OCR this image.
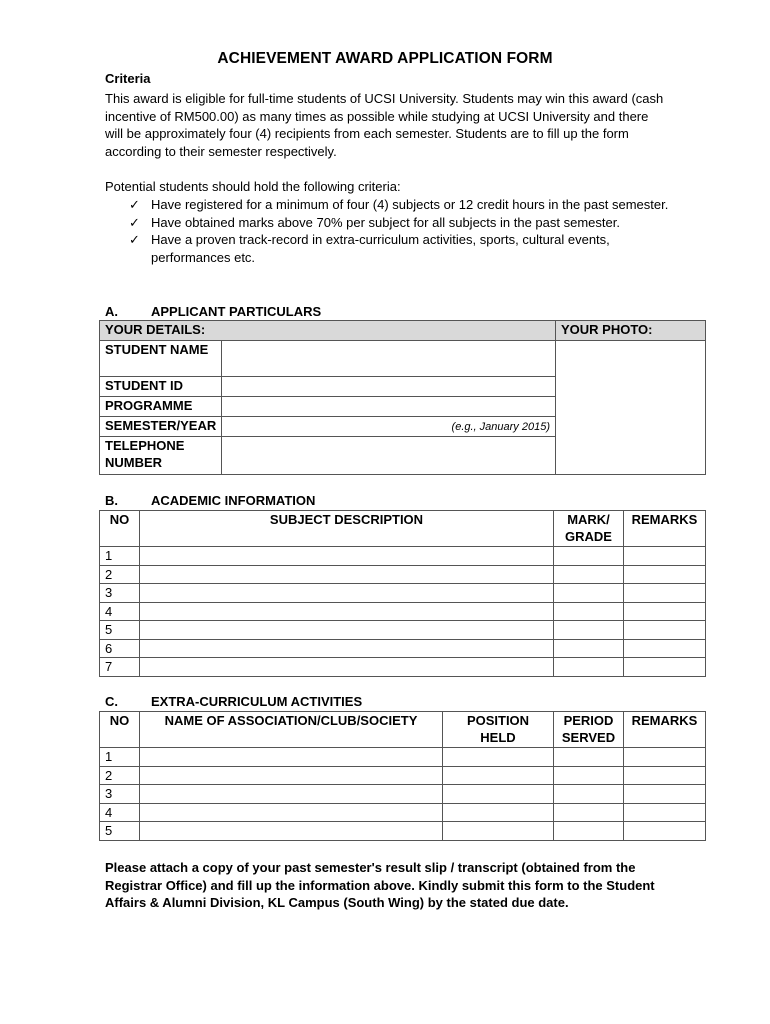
ACHIEVEMENT AWARD APPLICATION FORM
Criteria

This award is eligible for full-time students of UCSI University. Students may win this award (cash incentive of RM500.00) as many times as possible while studying at UCSI University and there will be approximately four (4) recipients from each semester. Students are to fill up the form according to their semester respectively.

Potential students should hold the following criteria:

✓ Have registered for a minimum of four (4) subjects or 12 credit hours in the past semester.
✓ Have obtained marks above 70% per subject for all subjects in the past semester.
✓ Have a proven track-record in extra-curriculum activities, sports, cultural events, performances etc.
A.	APPLICANT PARTICULARS
YOUR DETAILS:		YOUR PHOTO:
STUDENT NAME		
STUDENT ID		
PROGRAMME		
SEMESTER/YEAR	(e.g., January 2015)	
TELEPHONE NUMBER		
B.	ACADEMIC INFORMATION
NO	SUBJECT DESCRIPTION	MARK/ GRADE	REMARKS
1			
2			
3			
4			
5			
6			
7			
C.	EXTRA-CURRICULUM ACTIVITIES
NO	NAME OF ASSOCIATION/CLUB/SOCIETY	POSITION HELD	PERIOD SERVED	REMARKS
1				
2				
3				
4				
5				

Please attach a copy of your past semester's result slip / transcript (obtained from the Registrar Office) and fill up the information above. Kindly submit this form to the Student Affairs & Alumni Division, KL Campus (South Wing) by the stated due date.
